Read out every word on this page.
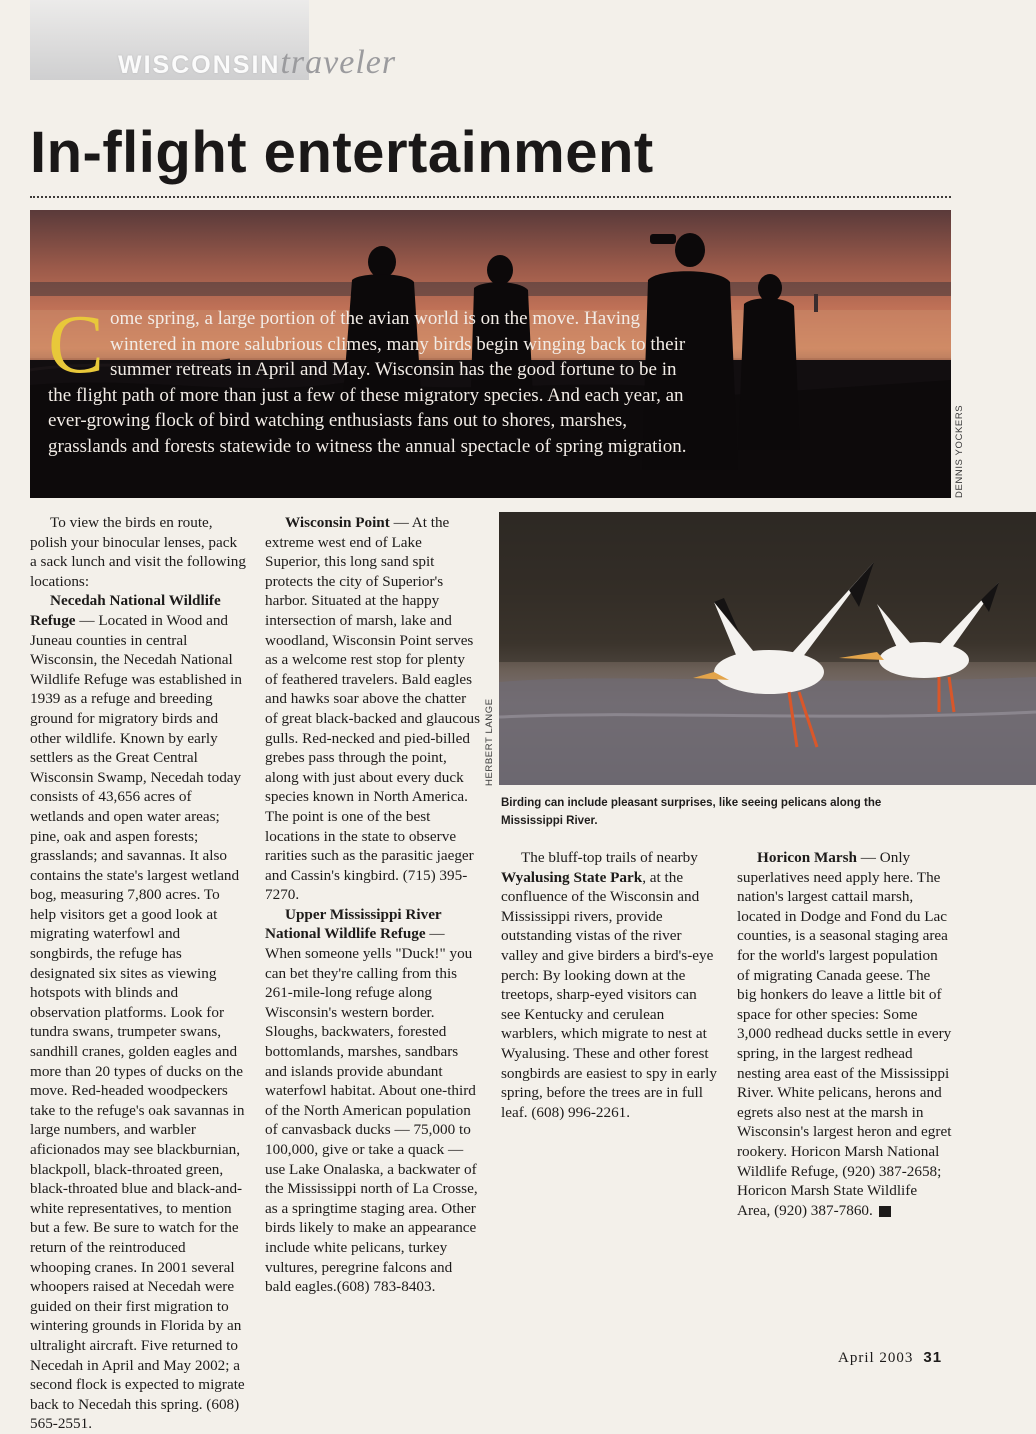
WISCONSIN traveler
In-flight entertainment

Come spring, a large portion of the avian world is on the move. Having wintered in more salubrious climes, many birds begin winging back to their summer retreats in April and May. Wisconsin has the good fortune to be in the flight path of more than just a few of these migratory species. And each year, an ever-growing flock of bird watching enthusiasts fans out to shores, marshes, grasslands and forests statewide to witness the annual spectacle of spring migration.	DENNIS YOCKERS

To view the birds en route, polish your binocular lenses, pack a sack lunch and visit the following locations:

Necedah National Wildlife Refuge — Located in Wood and Juneau counties in central Wisconsin, the Necedah National Wildlife Refuge was established in 1939 as a refuge and breeding ground for migratory birds and other wildlife. Known by early settlers as the Great Central Wisconsin Swamp, Necedah today consists of 43,656 acres of wetlands and open water areas; pine, oak and aspen forests; grasslands; and savannas. It also contains the state's largest wetland bog, measuring 7,800 acres. To help visitors get a good look at migrating waterfowl and songbirds, the refuge has designated six sites as viewing hotspots with blinds and observation platforms. Look for tundra swans, trumpeter swans, sandhill cranes, golden eagles and more than 20 types of ducks on the move. Red-headed woodpeckers take to the refuge's oak savannas in large numbers, and warbler aficionados may see blackburnian, blackpoll, black-throated green, black-throated blue and black-and-white representatives, to mention but a few. Be sure to watch for the return of the reintroduced whooping cranes. In 2001 several whoopers raised at Necedah were guided on their first migration to wintering grounds in Florida by an ultralight aircraft. Five returned to Necedah in April and May 2002; a second flock is expected to migrate back to Necedah this spring. (608) 565-2551.

Wisconsin Point — At the extreme west end of Lake Superior, this long sand spit protects the city of Superior's harbor. Situated at the happy intersection of marsh, lake and woodland, Wisconsin Point serves as a welcome rest stop for plenty of feathered travelers. Bald eagles and hawks soar above the chatter of great black-backed and glaucous gulls. Red-necked and pied-billed grebes pass through the point, along with just about every duck species known in North America. The point is one of the best locations in the state to observe rarities such as the parasitic jaeger and Cassin's kingbird. (715) 395-7270.

Upper Mississippi River National Wildlife Refuge — When someone yells "Duck!" you can bet they're calling from this 261-mile-long refuge along Wisconsin's western border. Sloughs, backwaters, forested bottomlands, marshes, sandbars and islands provide abundant waterfowl habitat. About one-third of the North American population of canvasback ducks — 75,000 to 100,000, give or take a quack — use Lake Onalaska, a backwater of the Mississippi north of La Crosse, as a springtime staging area. Other birds likely to make an appearance include white pelicans, turkey vultures, peregrine falcons and bald eagles.(608) 783-8403.

HERBERT LANGE

Birding can include pleasant surprises, like seeing pelicans along the Mississippi River.

The bluff-top trails of nearby Wyalusing State Park, at the confluence of the Wisconsin and Mississippi rivers, provide outstanding vistas of the river valley and give birders a bird's-eye perch: By looking down at the treetops, sharp-eyed visitors can see Kentucky and cerulean warblers, which migrate to nest at Wyalusing. These and other forest songbirds are easiest to spy in early spring, before the trees are in full leaf. (608) 996-2261.

Horicon Marsh — Only superlatives need apply here. The nation's largest cattail marsh, located in Dodge and Fond du Lac counties, is a seasonal staging area for the world's largest population of migrating Canada geese. The big honkers do leave a little bit of space for other species: Some 3,000 redhead ducks settle in every spring, in the largest redhead nesting area east of the Mississippi River. White pelicans, herons and egrets also nest at the marsh in Wisconsin's largest heron and egret rookery. Horicon Marsh National Wildlife Refuge, (920) 387-2658; Horicon Marsh State Wildlife Area, (920) 387-7860.	N

April 2003 31
